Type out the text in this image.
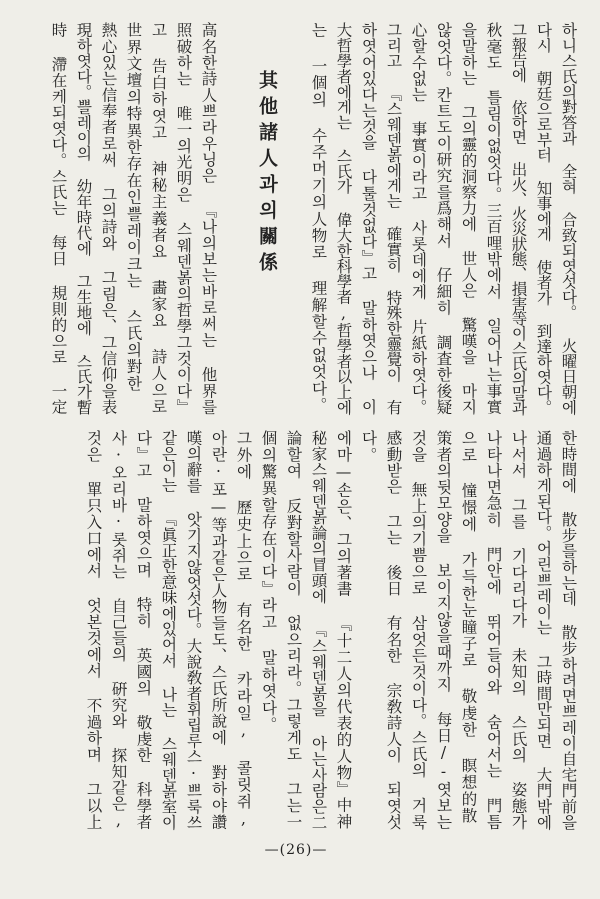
하니스氏의對答과 全혀 合致되엿섯다。 火曜日朝에
다시 朝廷으로부터 知事에게 使者가 到達하엿다。
그報告에 依하면 出火、火災狀態、損害等이스氏의말과
秋毫도 틀림이없엇다。三百哩밖에서 일어나는事實
을말하는 그의靈的洞察力에 世人은 驚嘆을 마지
않엇다。칸트도이研究를爲해서 仔細히 調査한後疑
心할수없는 事實이라고 사롯데에게 片紙하엿다。
그리고 『스웨덴볽에게는 確實히 特殊한靈覺이 有
하엿어있다는것을 다툴것없다』고 말하엿으나 이
大哲學者에게는 스氏가 偉大한科學者,哲學者以上에
는 一個의 수주머기의人物로 理解할수없엇다。
其他諸人과의關係
高名한詩人쁘라우닝은 『나의보는바로써는 他界를
照破하는 唯一의光明은 스웨덴볽의哲學그것이다』
고 告白하엿고 神秘主義者요 畵家요 詩人으로
世界文壇의特異한存在인쁠레이크는 스氏의對한
熱心있는信奉者로써 그의詩와 그림은、그信仰을表
現하엿다。쁠레이의 幼年時代에 그生地에 스氏가暫
時 滯在케되엿다。스氏는 每日 規則的으로 一定
한時間에 散步를하는데 散步하려면쁘레이自宅門前을
通過하게된다。어린쁘레이는 그時間만되면 大門밖에
나서서 그를 기다리다가 未知의 스氏의 姿態가
나타나면急히 門안에 뛰어들어와 숨어서는 門틈
으로 憧憬에 가득한눈瞳子로 敬虔한 瞑想的散
策者의뒷모양을 보이지않을때까지 每日/-엿보는
것을 無上의기쁨으로 삼엇든것이다。스氏의 거룩
感動받은 그는 後日 有名한 宗敎詩人이 되엿섯
다。
에마—손은、그의著書 『十二人의代表的人物』中神
秘家스웨덴볽論의冒頭에 『스웨덴볽을 아는사람은二
論할여 反對할사람이 없으리라。그렇게도 그는一
個의驚異할存在이다』라고 말하엿다。
그外에 歷史上으로 有名한 카라일, 콜릿쥐,
아란·포—等과같은人物들도、스氏所說에 對하야讚
嘆의辭를 앗기지않엇섯다。大說敎者휘립루스·쁘룩쓰
같은이는 『眞正한意味에있어서 나는 스웨덴볽室이
다』고 말하엿으며 特히 英國의 敬虔한 科學者
사·오리바·롯쥐는 自己들의 硏究와 探知같은,
것은 單只入口에서 엇본것에서 不過하며 그以上
—(26)—
